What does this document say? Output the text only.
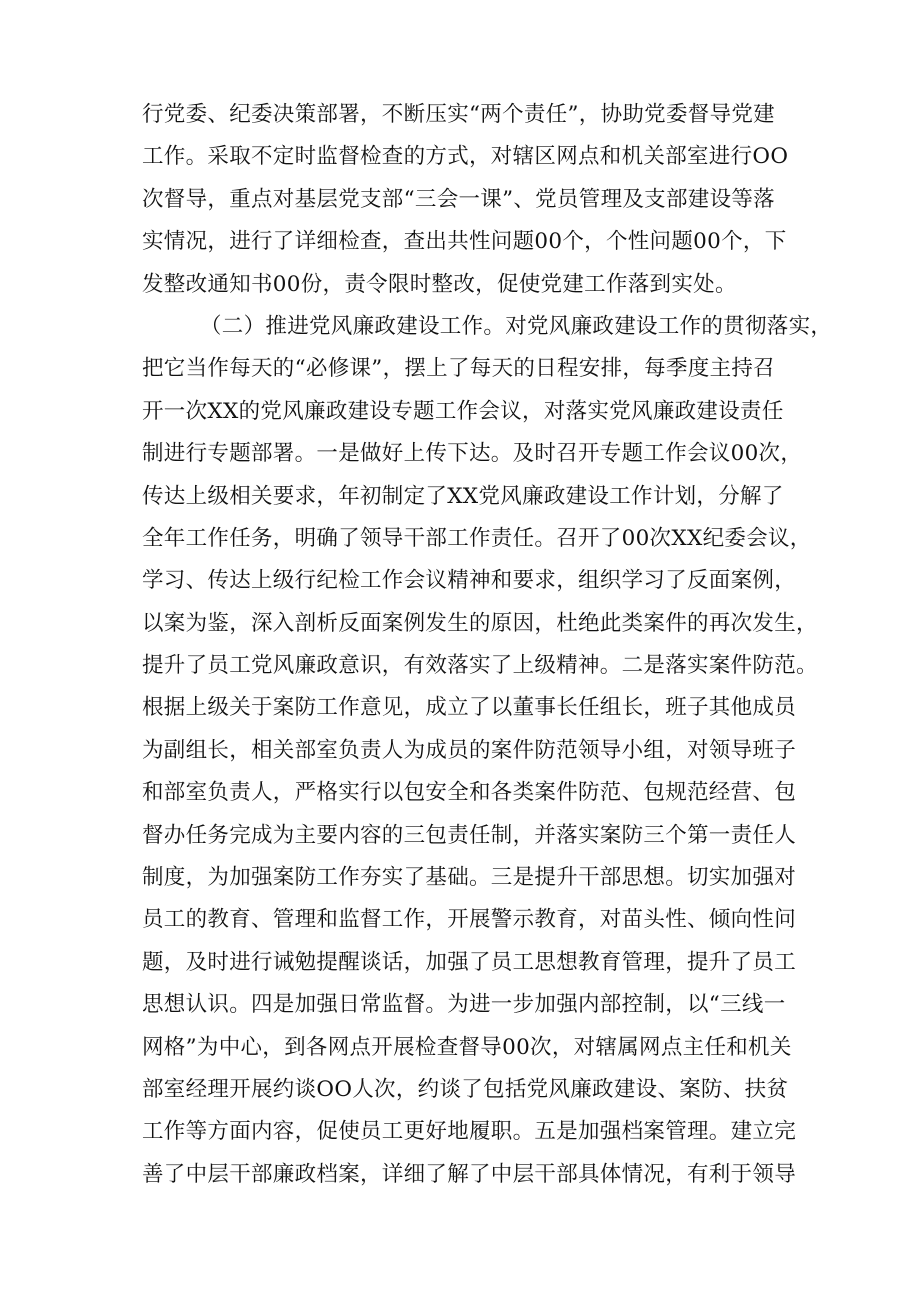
行党委、纪委决策部署，不断压实“两个责任”，协助党委督导党建
工作。采取不定时监督检查的方式，对辖区网点和机关部室进行OO
次督导，重点对基层党支部“三会一课”、党员管理及支部建设等落
实情况，进行了详细检查，查出共性问题00个，个性问题00个，下
发整改通知书00份，责令限时整改，促使党建工作落到实处。
（二）推进党风廉政建设工作。对党风廉政建设工作的贯彻落实，
把它当作每天的“必修课”，摆上了每天的日程安排，每季度主持召
开一次XX的党风廉政建设专题工作会议，对落实党风廉政建设责任
制进行专题部署。一是做好上传下达。及时召开专题工作会议00次，
传达上级相关要求，年初制定了XX党风廉政建设工作计划，分解了
全年工作任务，明确了领导干部工作责任。召开了00次XX纪委会议，
学习、传达上级行纪检工作会议精神和要求，组织学习了反面案例，
以案为鉴，深入剖析反面案例发生的原因，杜绝此类案件的再次发生，
提升了员工党风廉政意识，有效落实了上级精神。二是落实案件防范。
根据上级关于案防工作意见，成立了以董事长任组长，班子其他成员
为副组长，相关部室负责人为成员的案件防范领导小组，对领导班子
和部室负责人，严格实行以包安全和各类案件防范、包规范经营、包
督办任务完成为主要内容的三包责任制，并落实案防三个第一责任人
制度，为加强案防工作夯实了基础。三是提升干部思想。切实加强对
员工的教育、管理和监督工作，开展警示教育，对苗头性、倾向性问
题，及时进行诫勉提醒谈话，加强了员工思想教育管理，提升了员工
思想认识。四是加强日常监督。为进一步加强内部控制，以“三线一
网格”为中心，到各网点开展检查督导00次，对辖属网点主任和机关
部室经理开展约谈OO人次，约谈了包括党风廉政建设、案防、扶贫
工作等方面内容，促使员工更好地履职。五是加强档案管理。建立完
善了中层干部廉政档案，详细了解了中层干部具体情况，有利于领导
